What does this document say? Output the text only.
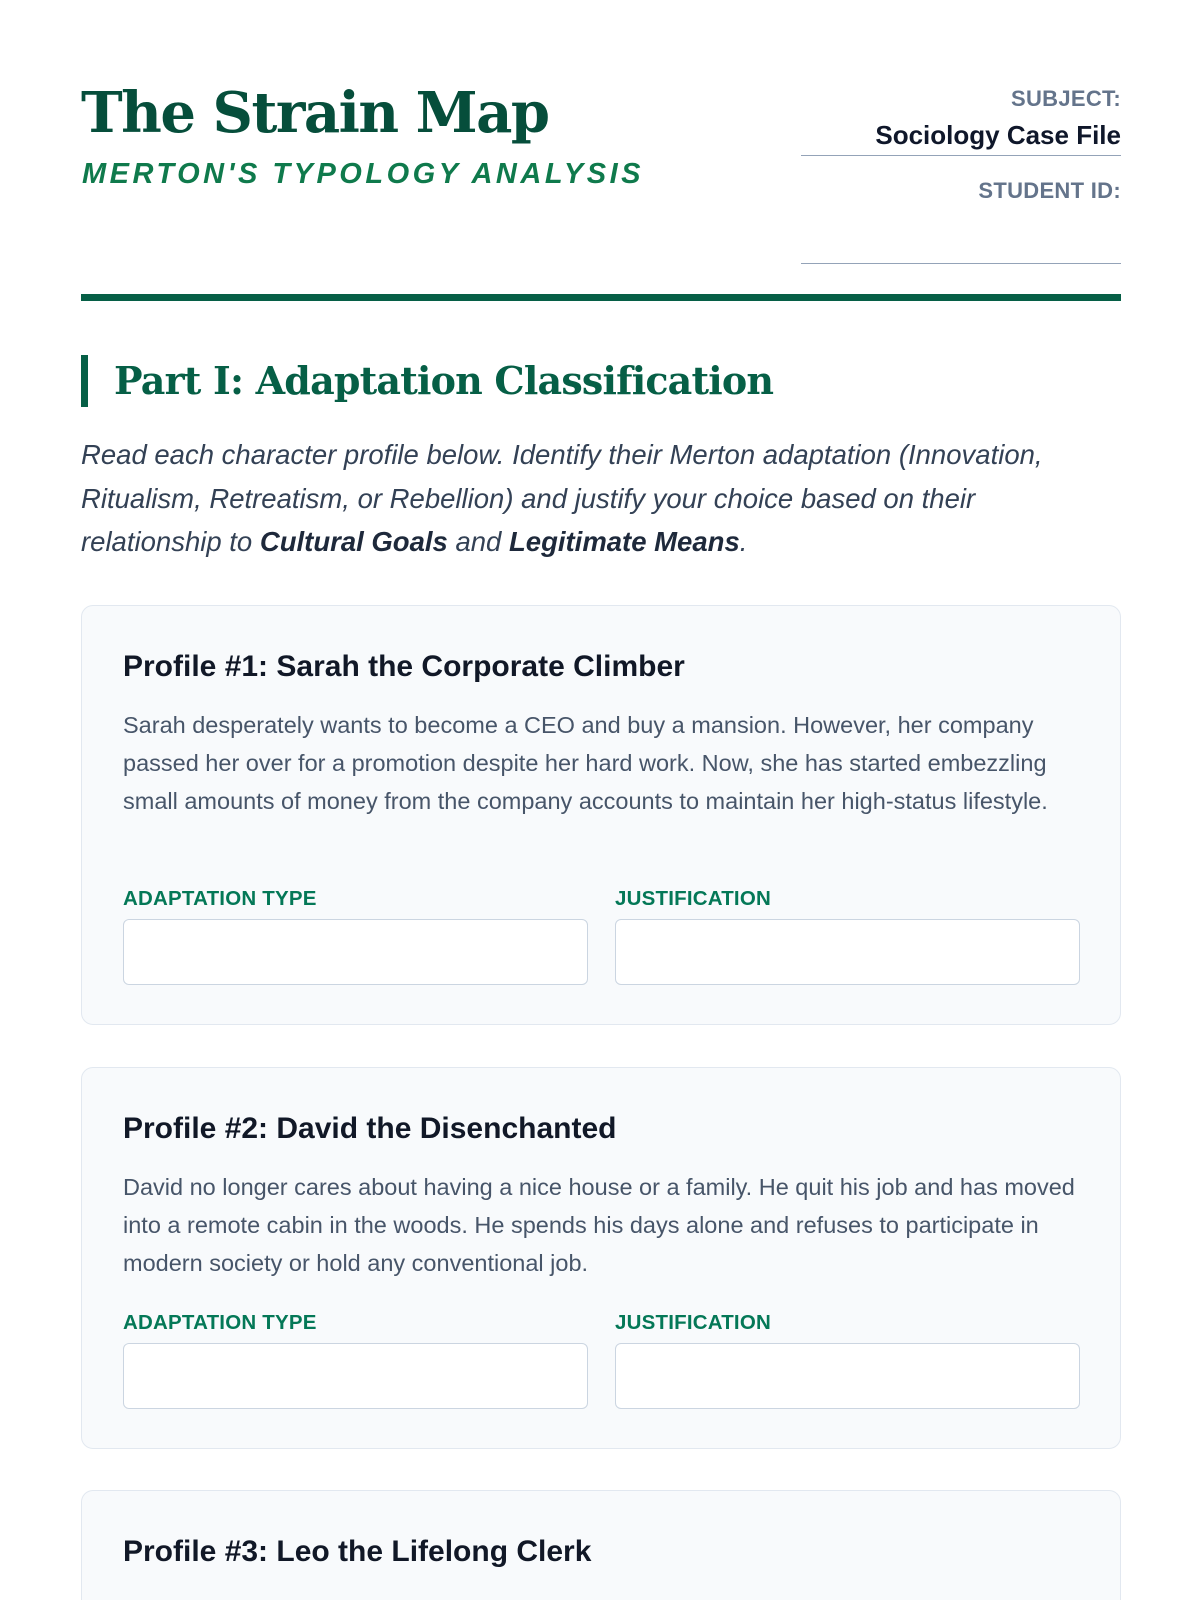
The Strain Map
MERTON'S TYPOLOGY ANALYSIS
SUBJECT:
Sociology Case File
STUDENT ID:
Part I: Adaptation Classification

Read each character profile below. Identify their Merton adaptation (Innovation, Ritualism, Retreatism, or Rebellion) and justify your choice based on their relationship to Cultural Goals and Legitimate Means.

Profile #1: Sarah the Corporate Climber
Sarah desperately wants to become a CEO and buy a mansion. However, her company passed her over for a promotion despite her hard work. Now, she has started embezzling small amounts of money from the company accounts to maintain her high-status lifestyle.
ADAPTATION TYPE	JUSTIFICATION
Profile #2: David the Disenchanted
David no longer cares about having a nice house or a family. He quit his job and has moved into a remote cabin in the woods. He spends his days alone and refuses to participate in modern society or hold any conventional job.
ADAPTATION TYPE	JUSTIFICATION
Profile #3: Leo the Lifelong Clerk
